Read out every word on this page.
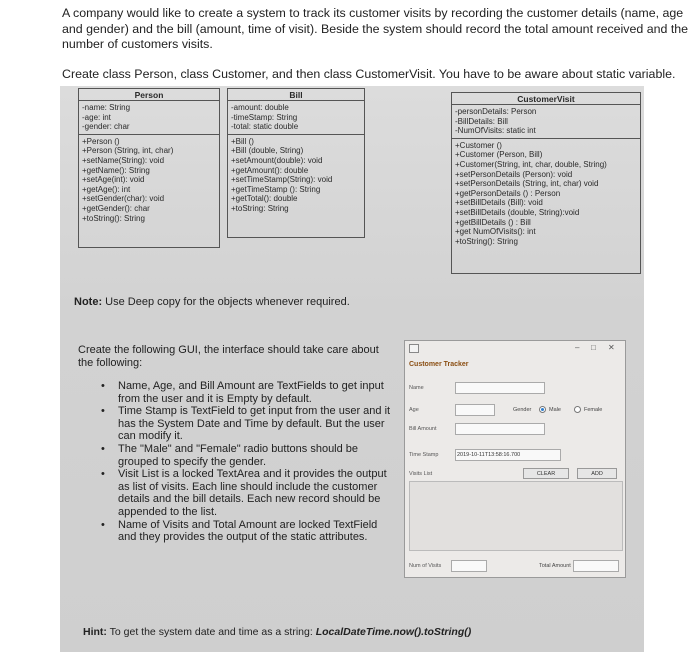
A company would like to create a system to track its customer visits by recording the customer details (name, age and gender) and the bill (amount, time of visit). Beside the system should record the total amount received and the number of customers visits.
Create class Person, class Customer, and then class CustomerVisit. You have to be aware about static variable.
Person
-name: String
-age: int
-gender: char
+Person ()
+Person (String, int, char)
+setName(String): void
+getName(): String
+setAge(int): void
+getAge(): int
+setGender(char): void
+getGender(): char
+toString(): String
Bill
-amount: double
-timeStamp: String
-total: static double
+Bill ()
+Bill (double, String)
+setAmount(double): void
+getAmount(): double
+setTimeStamp(String): void
+getTimeStamp (): String
+getTotal(): double
+toString: String
CustomerVisit
-personDetails: Person
-BillDetails: Bill
-NumOfVisits: static int
+Customer ()
+Customer (Person, Bill)
+Customer(String, int, char, double, String)
+setPersonDetails (Person): void
+setPersonDetails (String, int, char) void
+getPersonDetails () : Person
+setBillDetails (Bill): void
+setBillDetails (double, String):void
+getBillDetails () : Bill
+get NumOfVisits(): int
+toString(): String
Note: Use Deep copy for the objects whenever required.
Create the following GUI, the interface should take care about the following:
• Name, Age, and Bill Amount are TextFields to get input from the user and it is Empty by default.
• Time Stamp is TextField to get input from the user and it has the System Date and Time by default. But the user can modify it.
• The "Male" and "Female" radio buttons should be grouped to specify the gender.
• Visit List is a locked TextArea and it provides the output as list of visits. Each line should include the customer details and the bill details. Each new record should be appended to the list.
• Name of Visits and Total Amount are locked TextField and they provides the output of the static attributes.
– □ ✕
Customer Tracker
Name
Age	Gender	Male	Female
Bill Amount
Time Stamp	2019-10-11T13:58:16.700
Visits List	CLEAR	ADD
Num of Visits	Total Amount
Hint: To get the system date and time as a string: LocalDateTime.now().toString()
